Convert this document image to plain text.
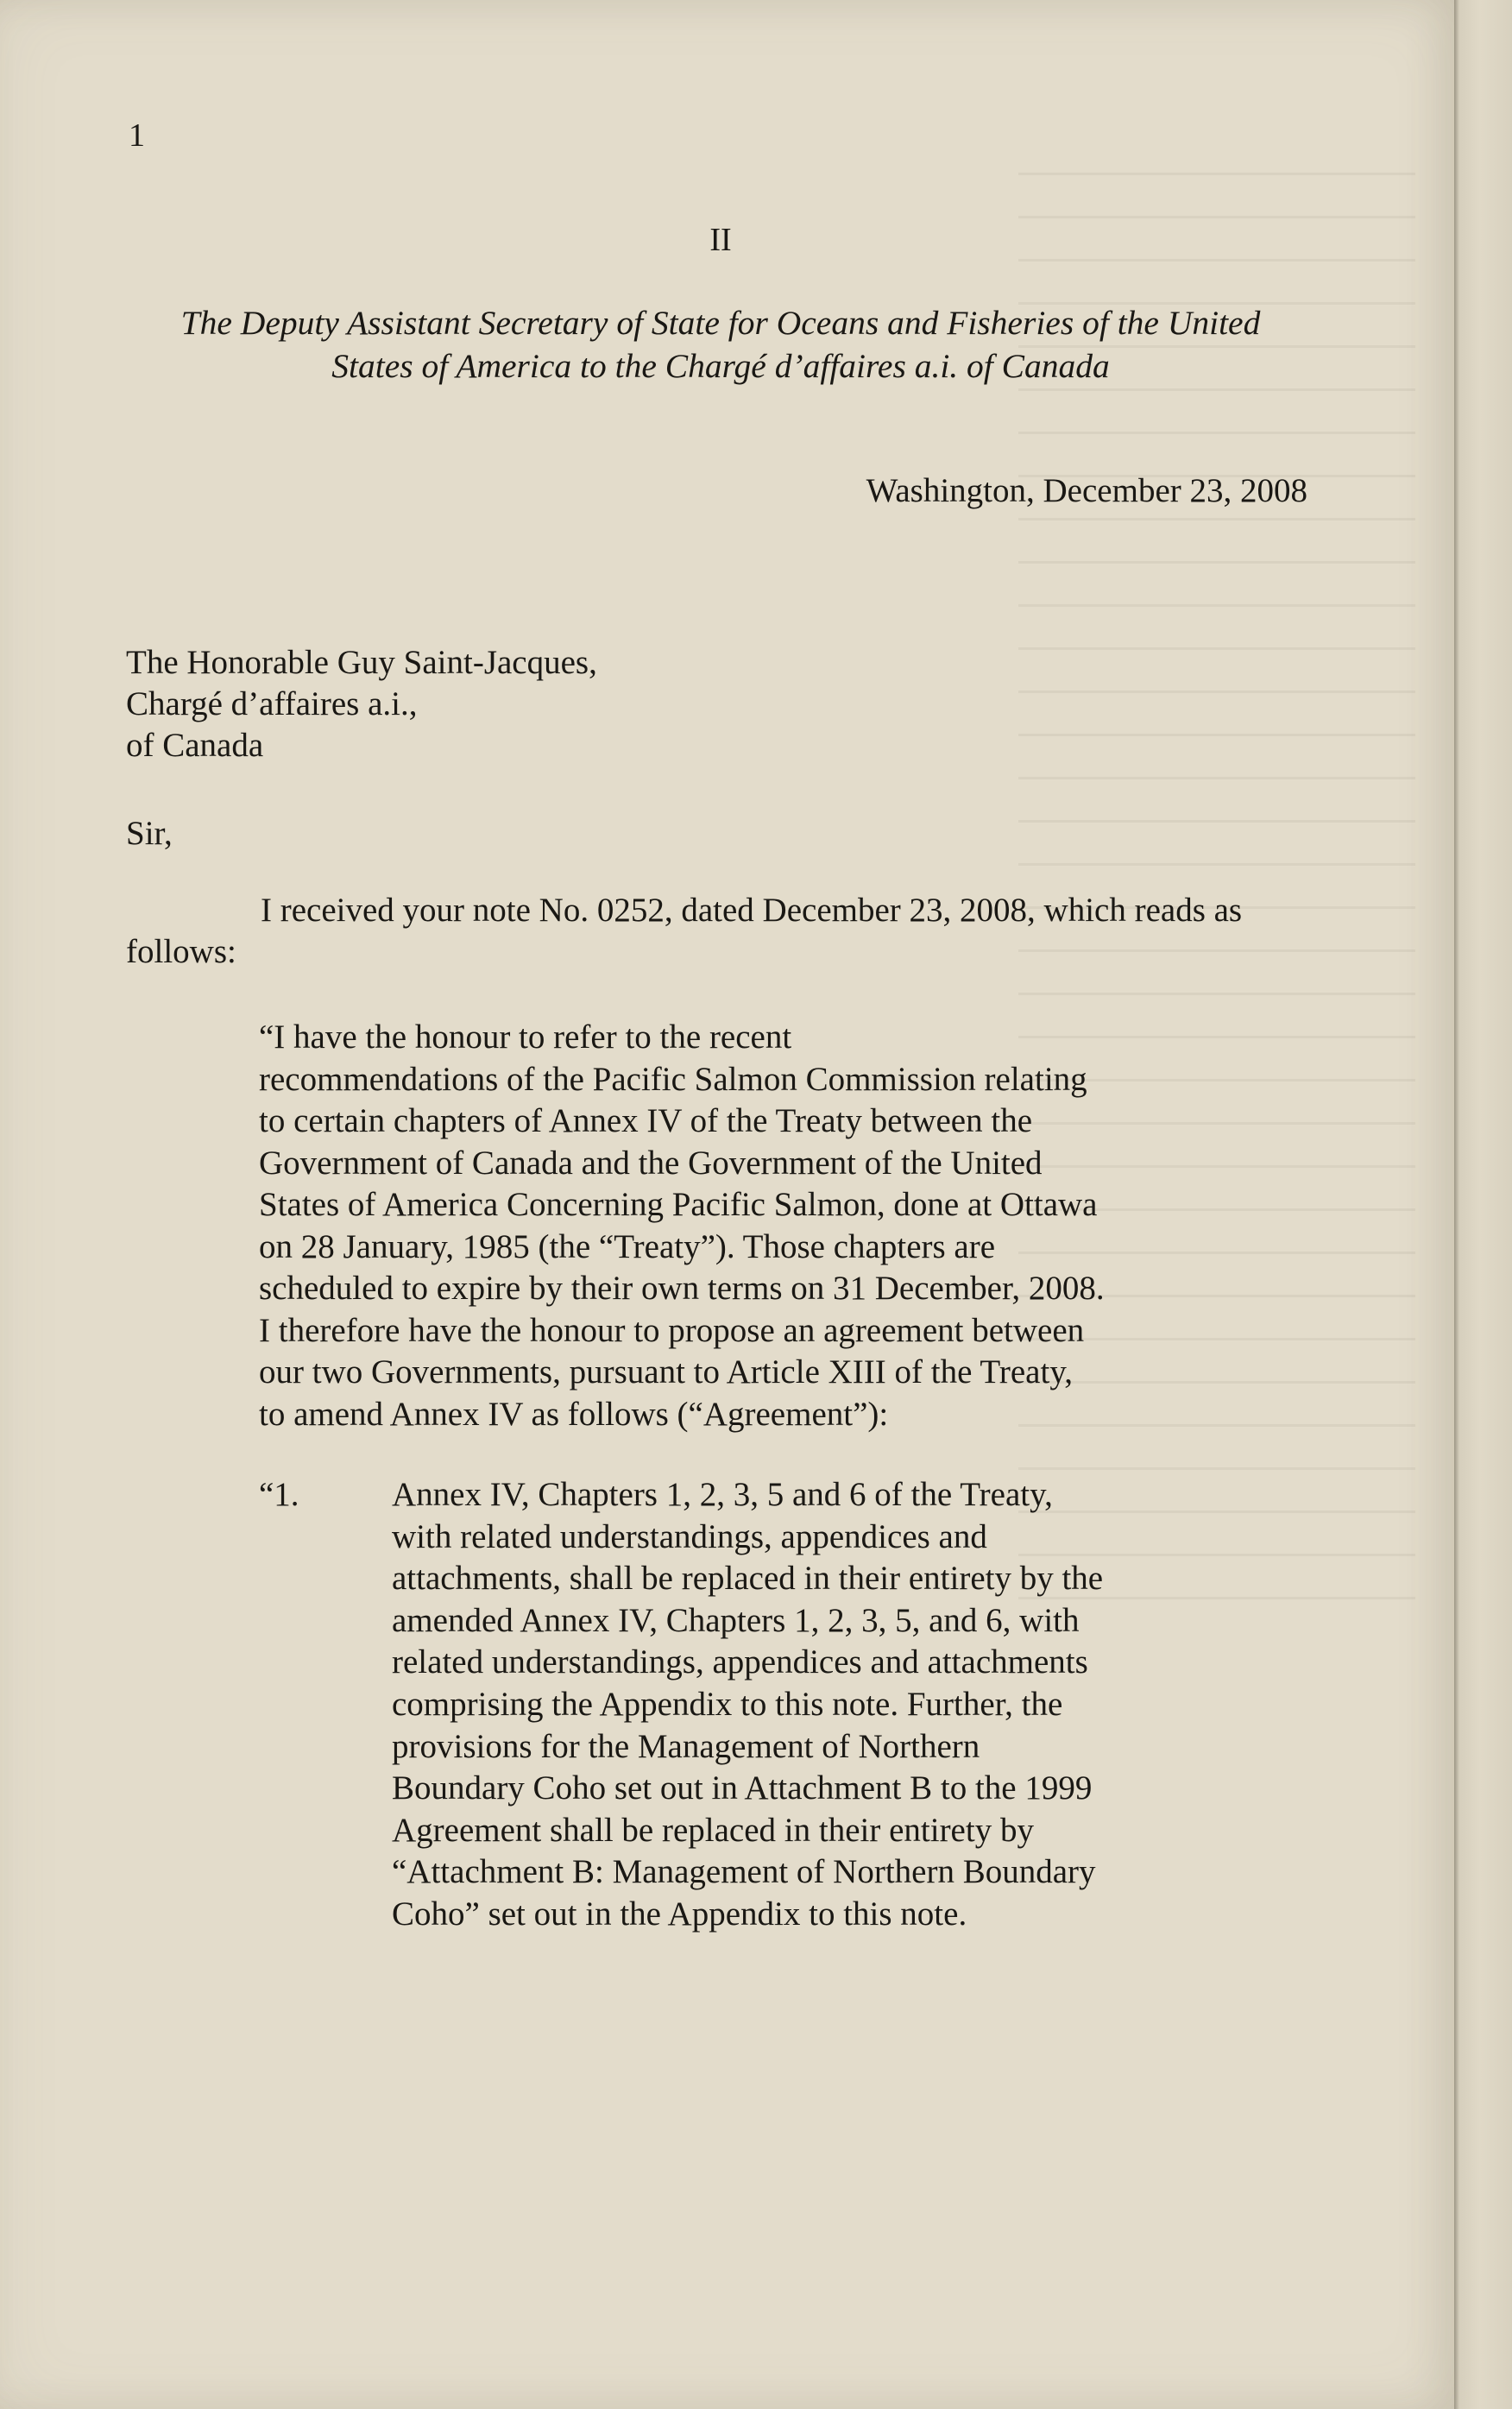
1
II
The Deputy Assistant Secretary of State for Oceans and Fisheries of the United
States of America to the Chargé d’affaires a.i. of Canada
Washington, December 23, 2008
The Honorable Guy Saint-Jacques,
Chargé d’affaires a.i.,
of Canada
Sir,
I received your note No. 0252, dated December 23, 2008, which reads as follows:
“I have the honour to refer to the recent
recommendations of the Pacific Salmon Commission relating
to certain chapters of Annex IV of the Treaty between the
Government of Canada and the Government of the United
States of America Concerning Pacific Salmon, done at Ottawa
on 28 January, 1985 (the “Treaty”). Those chapters are
scheduled to expire by their own terms on 31 December, 2008.
I therefore have the honour to propose an agreement between
our two Governments, pursuant to Article XIII of the Treaty,
to amend Annex IV as follows (“Agreement”):
“1.	Annex IV, Chapters 1, 2, 3, 5 and 6 of the Treaty,
with related understandings, appendices and
attachments, shall be replaced in their entirety by the
amended Annex IV, Chapters 1, 2, 3, 5, and 6, with
related understandings, appendices and attachments
comprising the Appendix to this note. Further, the
provisions for the Management of Northern
Boundary Coho set out in Attachment B to the 1999
Agreement shall be replaced in their entirety by
“Attachment B: Management of Northern Boundary
Coho” set out in the Appendix to this note.
